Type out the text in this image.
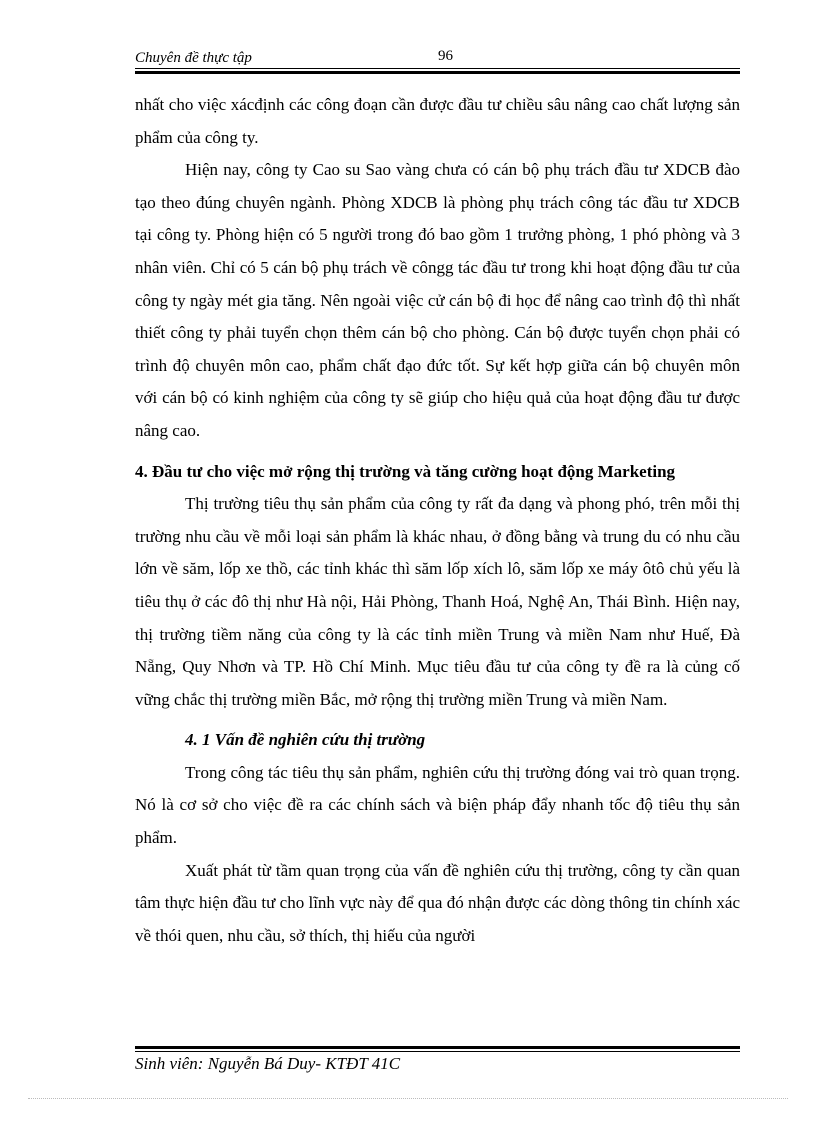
Chuyên đề thực tập	96

nhất cho việc xácđịnh các công đoạn cần được đầu tư chiều sâu nâng cao chất lượng sản phẩm của công ty.

Hiện nay, công ty Cao su Sao vàng chưa có cán bộ phụ trách đầu tư XDCB đào tạo theo đúng chuyên ngành. Phòng XDCB là phòng phụ trách công tác đầu tư XDCB tại công ty. Phòng hiện có 5 người trong đó bao gồm 1 trưởng phòng, 1 phó phòng và 3 nhân viên. Chỉ có 5 cán bộ phụ trách về côngg tác đầu tư trong khi hoạt động đầu tư của công ty ngày mét gia tăng. Nên ngoài việc cử cán bộ đi học để nâng cao trình độ thì nhất thiết công ty phải tuyển chọn thêm cán bộ cho phòng. Cán bộ được tuyển chọn phải có trình độ chuyên môn cao, phẩm chất đạo đức tốt. Sự kết hợp giữa cán bộ chuyên môn với cán bộ có kinh nghiệm của công ty sẽ giúp cho hiệu quả của hoạt động đầu tư được nâng cao.

4. Đầu tư cho việc mở rộng thị trường và tăng cường hoạt động Marketing

Thị trường tiêu thụ sản phẩm của công ty rất đa dạng và phong phó, trên mỗi thị trường nhu cầu về mỗi loại sản phẩm là khác nhau, ở đồng bằng và trung du có nhu cầu lớn về săm, lốp xe thồ, các tỉnh khác thì săm lốp xích lô, săm lốp xe máy ôtô chủ yếu là tiêu thụ ở các đô thị như Hà nội, Hải Phòng, Thanh Hoá, Nghệ An, Thái Bình. Hiện nay, thị trường tiềm năng của công ty là các tỉnh miền Trung và miền Nam như Huế, Đà Nẵng, Quy Nhơn và TP. Hồ Chí Minh. Mục tiêu đầu tư của công ty đề ra là củng cố vững chắc thị trường miền Bắc, mở rộng thị trường miền Trung và miền Nam.

4. 1 Vấn đề nghiên cứu thị trường

Trong công tác tiêu thụ sản phẩm, nghiên cứu thị trường đóng vai trò quan trọng. Nó là cơ sở cho việc đề ra các chính sách và biện pháp đẩy nhanh tốc độ tiêu thụ sản phẩm.

Xuất phát từ tầm quan trọng của vấn đề nghiên cứu thị trường, công ty cần quan tâm thực hiện đầu tư cho lĩnh vực này để qua đó nhận được các dòng thông tin chính xác về thói quen, nhu cầu, sở thích, thị hiếu của người

Sinh viên: Nguyễn Bá Duy- KTĐT 41C
